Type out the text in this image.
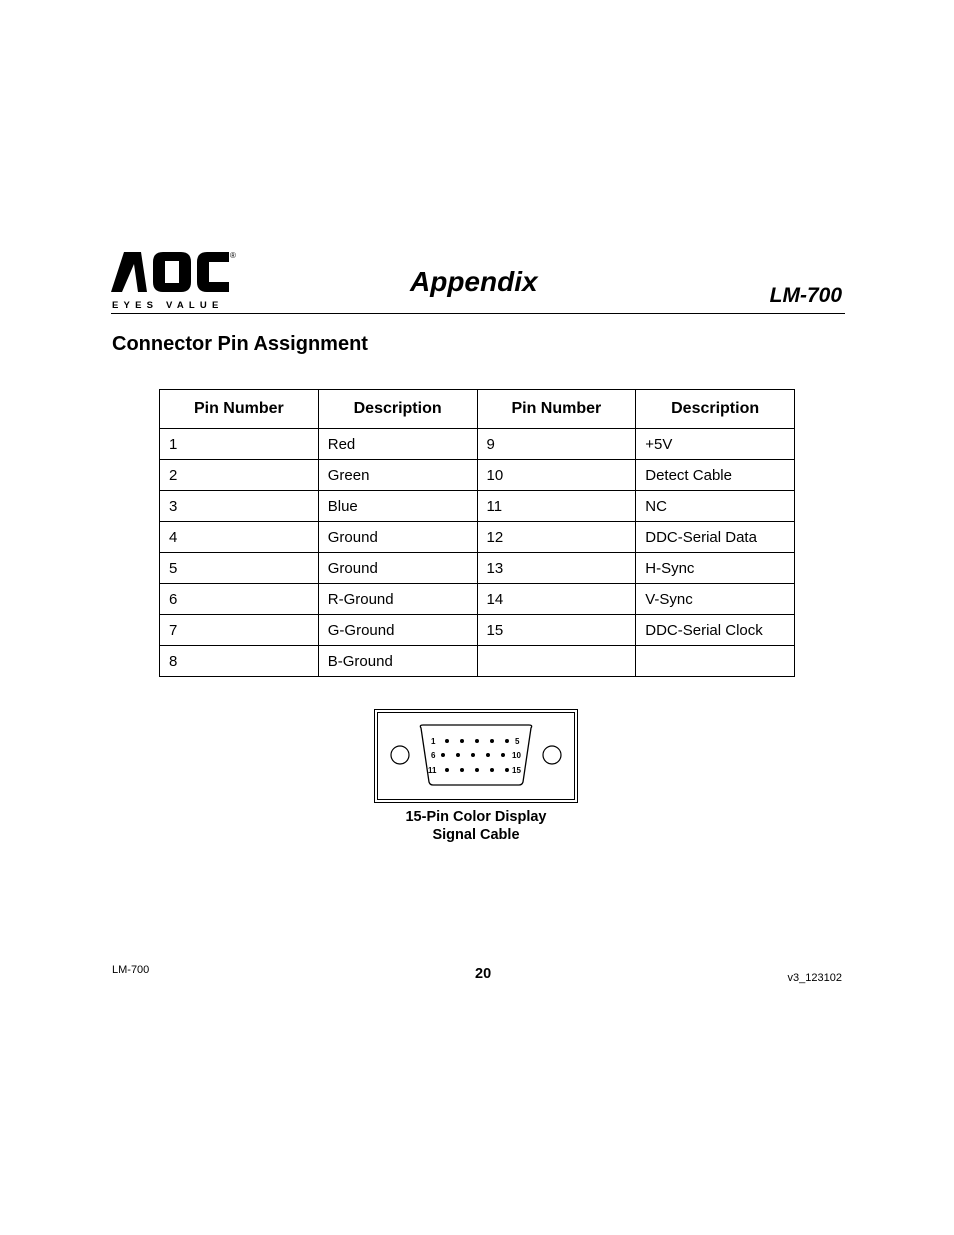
®
EYES VALUE
Appendix	LM-700
Connector Pin Assignment
Pin Number	Description	Pin Number	Description
1	Red	9	+5V
2	Green	10	Detect Cable
3	Blue	11	NC
4	Ground	12	DDC-Serial Data
5	Ground	13	H-Sync
6	R-Ground	14	V-Sync
7	G-Ground	15	DDC-Serial Clock
8	B-Ground		
1	5
6	10
11	15
15-Pin Color Display
Signal Cable
LM-700	20	v3_123102
